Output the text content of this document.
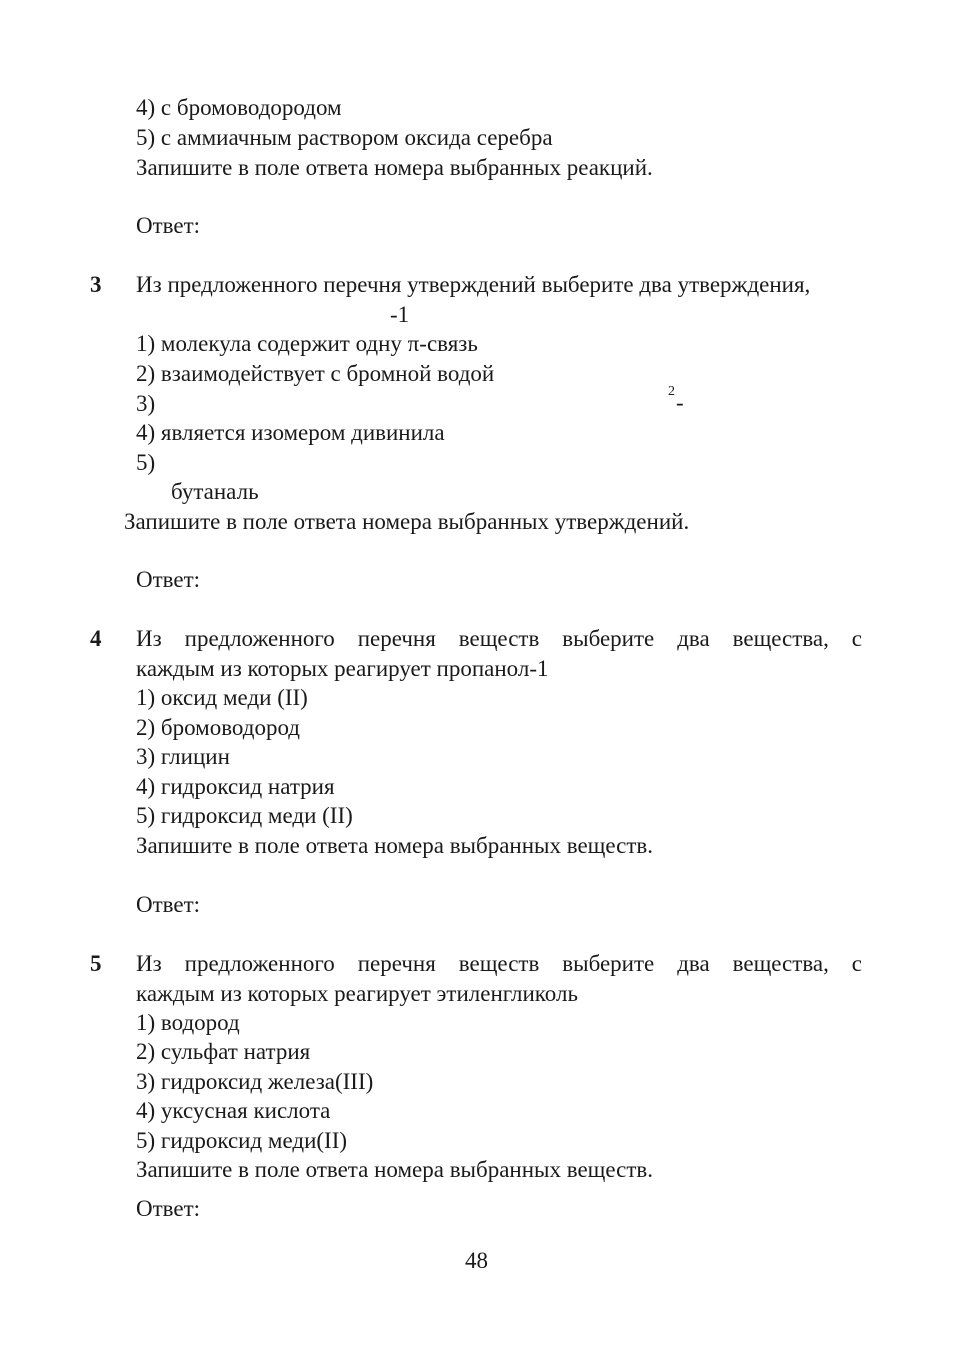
4) с бромоводородом
5) с аммиачным раствором оксида серебра
Запишите в поле ответа номера выбранных реакций.
Ответ:
3 Из предложенного перечня утверждений выберите два утверждения,
-1
1) молекула содержит одну π-связь
2) взаимодействует с бромной водой
3)	2 -
4) является изомером дивинила
5)
бутаналь
Запишите в поле ответа номера выбранных утверждений.
Ответ:
4 Из предложенного перечня веществ выберите два вещества, с
каждым из которых реагирует пропанол-1
1) оксид меди (II)
2) бромоводород
3) глицин
4) гидроксид натрия
5) гидроксид меди (II)
Запишите в поле ответа номера выбранных веществ.
Ответ:
5 Из предложенного перечня веществ выберите два вещества, с
каждым из которых реагирует этиленгликоль
1) водород
2) сульфат натрия
3) гидроксид железа(III)
4) уксусная кислота
5) гидроксид меди(II)
Запишите в поле ответа номера выбранных веществ.
Ответ:
48
